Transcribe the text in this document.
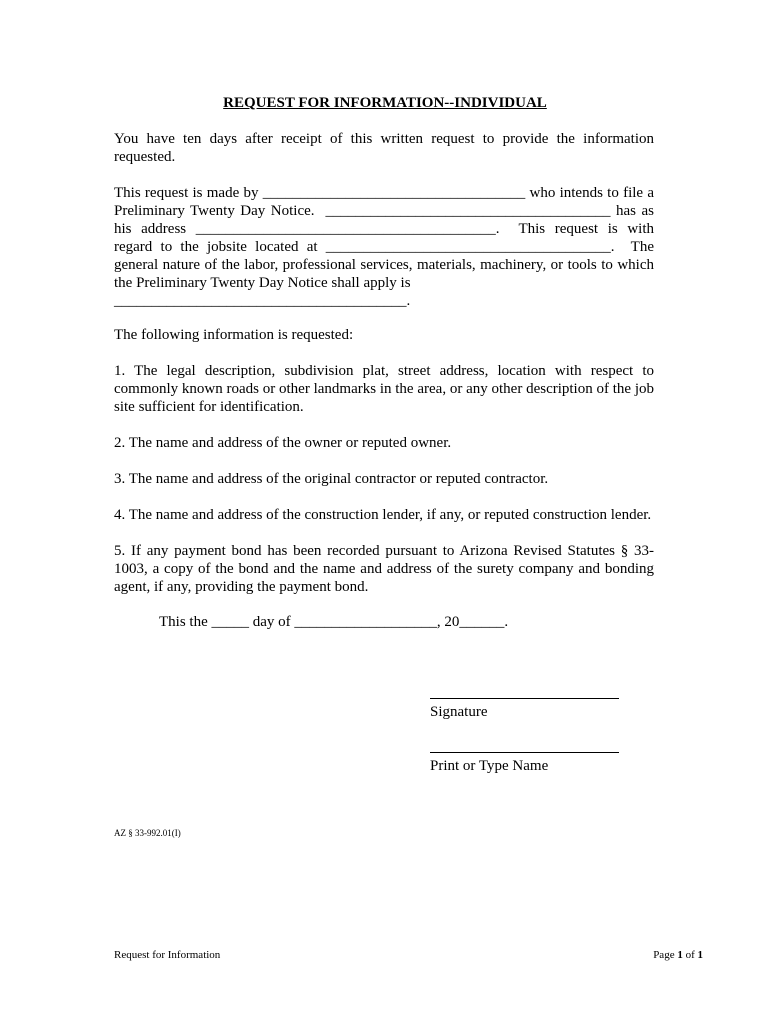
REQUEST FOR INFORMATION--INDIVIDUAL
You have ten days after receipt of this written request to provide the information
requested.
This request is made by ___________________________________ who intends to file a
Preliminary Twenty Day Notice.  ______________________________________ has as
his address ________________________________________.  This request is with
regard to the jobsite located at ______________________________________.  The
general nature of the labor, professional services, materials, machinery, or tools to which
the Preliminary Twenty Day Notice shall apply is
_______________________________________.
The following information is requested:
1. The legal description, subdivision plat, street address, location with respect to
commonly known roads or other landmarks in the area, or any other description of the job
site sufficient for identification.
2. The name and address of the owner or reputed owner.
3. The name and address of the original contractor or reputed contractor.
4. The name and address of the construction lender, if any, or reputed construction lender.
5. If any payment bond has been recorded pursuant to Arizona Revised Statutes § 33-
1003, a copy of the bond and the name and address of the surety company and bonding
agent, if any, providing the payment bond.
This the _____ day of ___________________, 20______.
Signature
Print or Type Name
AZ § 33-992.01(I)
Request for Information	Page 1 of 1
